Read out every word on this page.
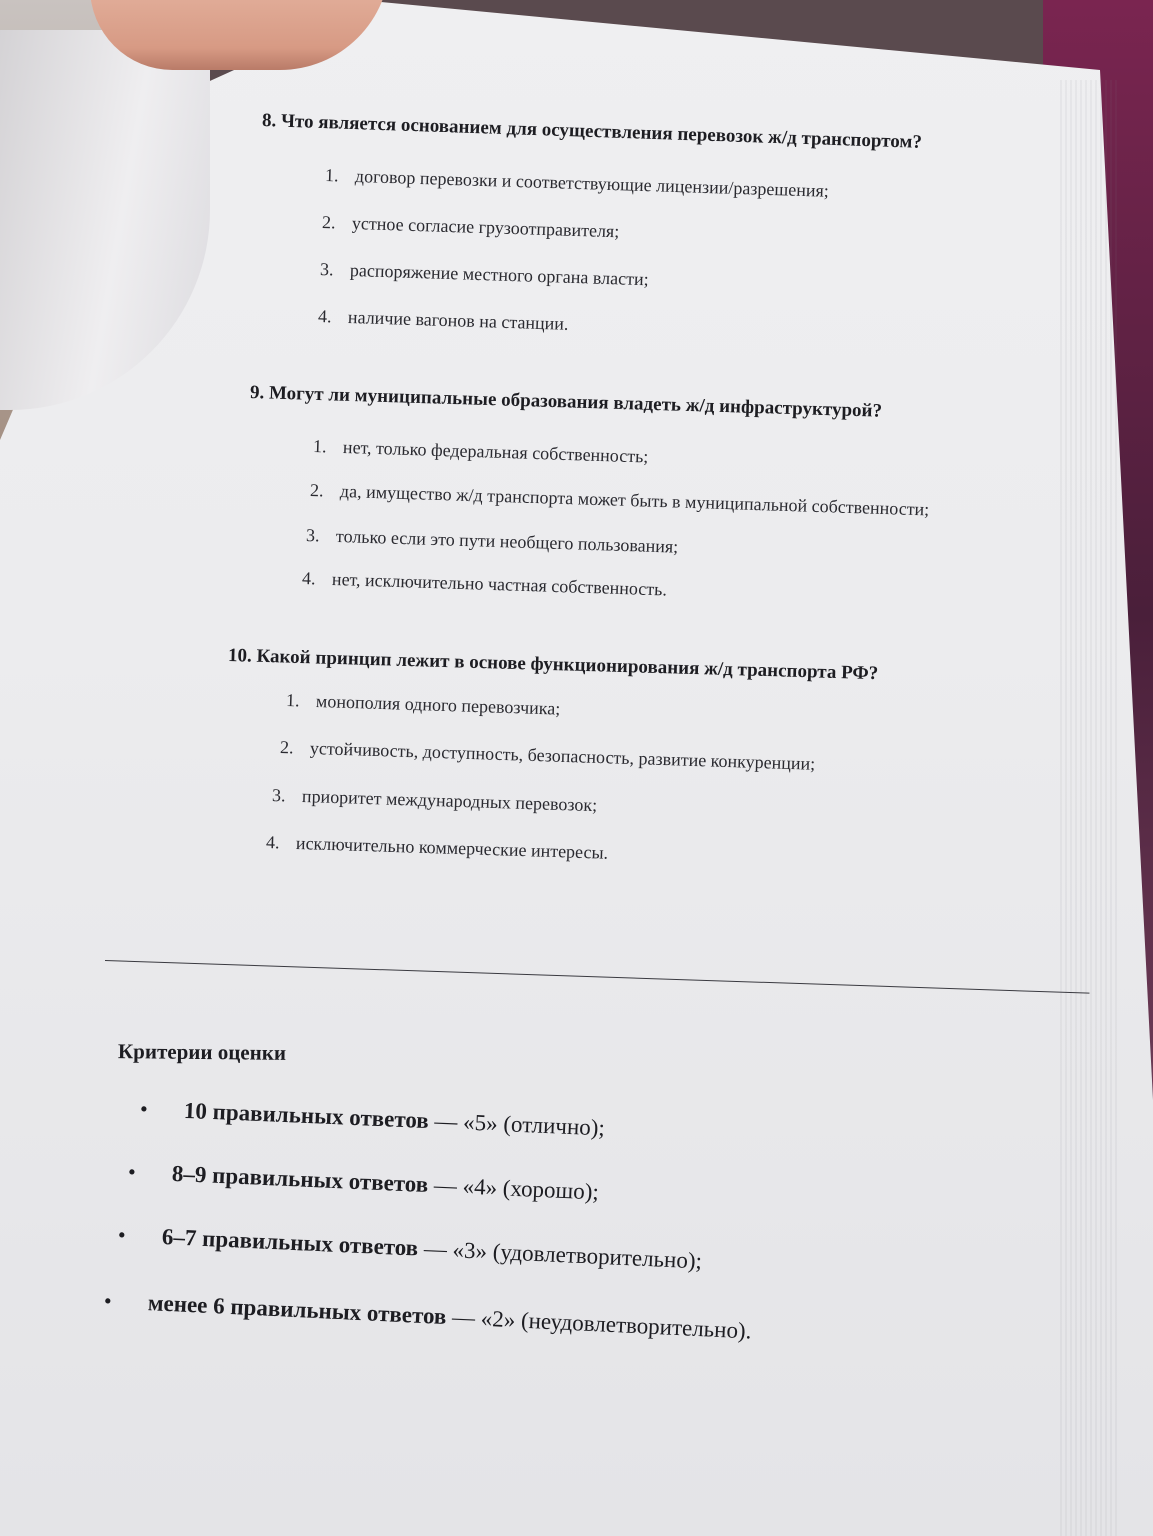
8. Что является основанием для осуществления перевозок ж/д транспортом?
1. договор перевозки и соответствующие лицензии/разрешения;
2. устное согласие грузоотправителя;
3. распоряжение местного органа власти;
4. наличие вагонов на станции.
9. Могут ли муниципальные образования владеть ж/д инфраструктурой?
1. нет, только федеральная собственность;
2. да, имущество ж/д транспорта может быть в муниципальной собственности;
3. только если это пути необщего пользования;
4. нет, исключительно частная собственность.
10. Какой принцип лежит в основе функционирования ж/д транспорта РФ?
1. монополия одного перевозчика;
2. устойчивость, доступность, безопасность, развитие конкуренции;
3. приоритет международных перевозок;
4. исключительно коммерческие интересы.
Критерии оценки
• 10 правильных ответов — «5» (отлично);
• 8–9 правильных ответов — «4» (хорошо);
• 6–7 правильных ответов — «3» (удовлетворительно);
• менее 6 правильных ответов — «2» (неудовлетворительно).
